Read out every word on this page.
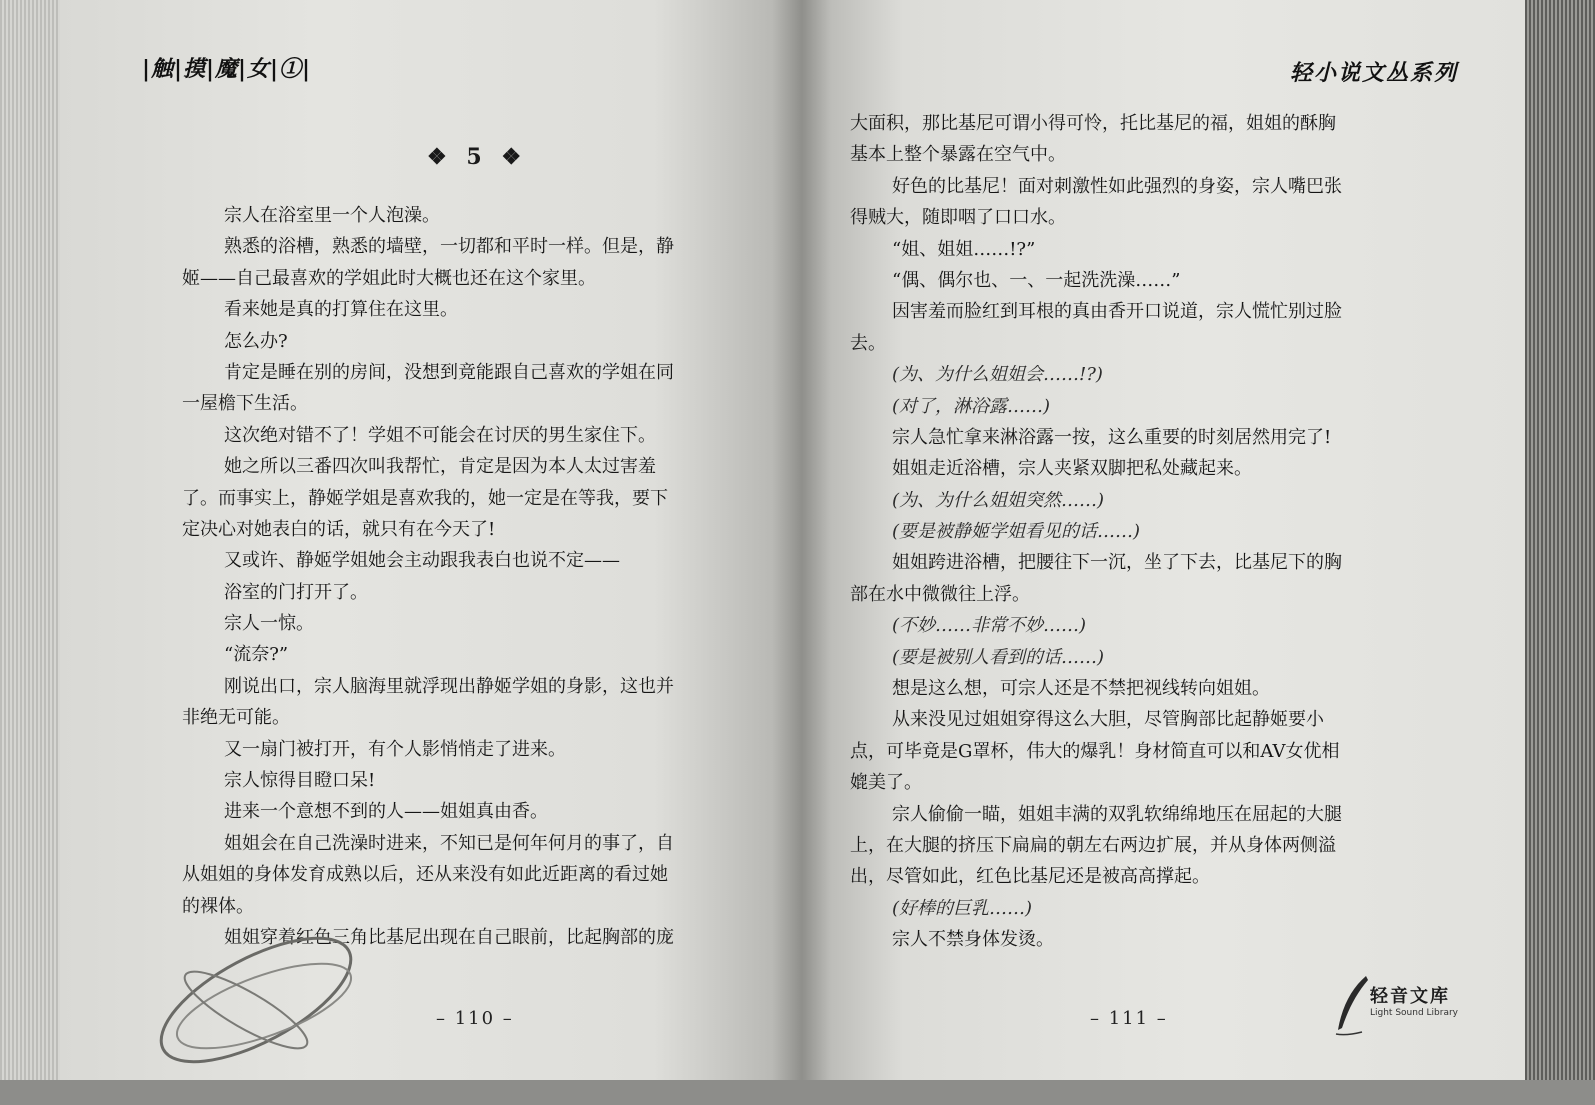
|触|摸|魔|女|①|
❖ 5 ❖
宗人在浴室里一个人泡澡。
熟悉的浴槽，熟悉的墙壁，一切都和平时一样。但是，静
姬——自己最喜欢的学姐此时大概也还在这个家里。
看来她是真的打算住在这里。
怎么办?
肯定是睡在别的房间，没想到竟能跟自己喜欢的学姐在同
一屋檐下生活。
这次绝对错不了！学姐不可能会在讨厌的男生家住下。
她之所以三番四次叫我帮忙，肯定是因为本人太过害羞
了。而事实上，静姬学姐是喜欢我的，她一定是在等我，要下
定决心对她表白的话，就只有在今天了!
又或许、静姬学姐她会主动跟我表白也说不定——
浴室的门打开了。
宗人一惊。
“流奈?”
刚说出口，宗人脑海里就浮现出静姬学姐的身影，这也并
非绝无可能。
又一扇门被打开，有个人影悄悄走了进来。
宗人惊得目瞪口呆!
进来一个意想不到的人——姐姐真由香。
姐姐会在自己洗澡时进来，不知已是何年何月的事了，自
从姐姐的身体发育成熟以后，还从来没有如此近距离的看过她
的裸体。
姐姐穿着红色三角比基尼出现在自己眼前，比起胸部的庞
– 110 –
轻小说文丛系列
大面积，那比基尼可谓小得可怜，托比基尼的福，姐姐的酥胸
基本上整个暴露在空气中。
好色的比基尼！面对刺激性如此强烈的身姿，宗人嘴巴张
得贼大，随即咽了口口水。
“姐、姐姐……!?”
“偶、偶尔也、一、一起洗洗澡……”
因害羞而脸红到耳根的真由香开口说道，宗人慌忙别过脸
去。
(为、为什么姐姐会……!?)
(对了，淋浴露……)
宗人急忙拿来淋浴露一按，这么重要的时刻居然用完了!
姐姐走近浴槽，宗人夹紧双脚把私处藏起来。
(为、为什么姐姐突然……)
(要是被静姬学姐看见的话……)
姐姐跨进浴槽，把腰往下一沉，坐了下去，比基尼下的胸
部在水中微微往上浮。
(不妙……非常不妙……)
(要是被别人看到的话……)
想是这么想，可宗人还是不禁把视线转向姐姐。
从来没见过姐姐穿得这么大胆，尽管胸部比起静姬要小
点，可毕竟是G罩杯，伟大的爆乳！身材简直可以和AV女优相
媲美了。
宗人偷偷一瞄，姐姐丰满的双乳软绵绵地压在屈起的大腿
上，在大腿的挤压下扁扁的朝左右两边扩展，并从身体两侧溢
出，尽管如此，红色比基尼还是被高高撑起。
(好棒的巨乳……)
宗人不禁身体发烫。
– 111 –
轻音文库
Light Sound Library
